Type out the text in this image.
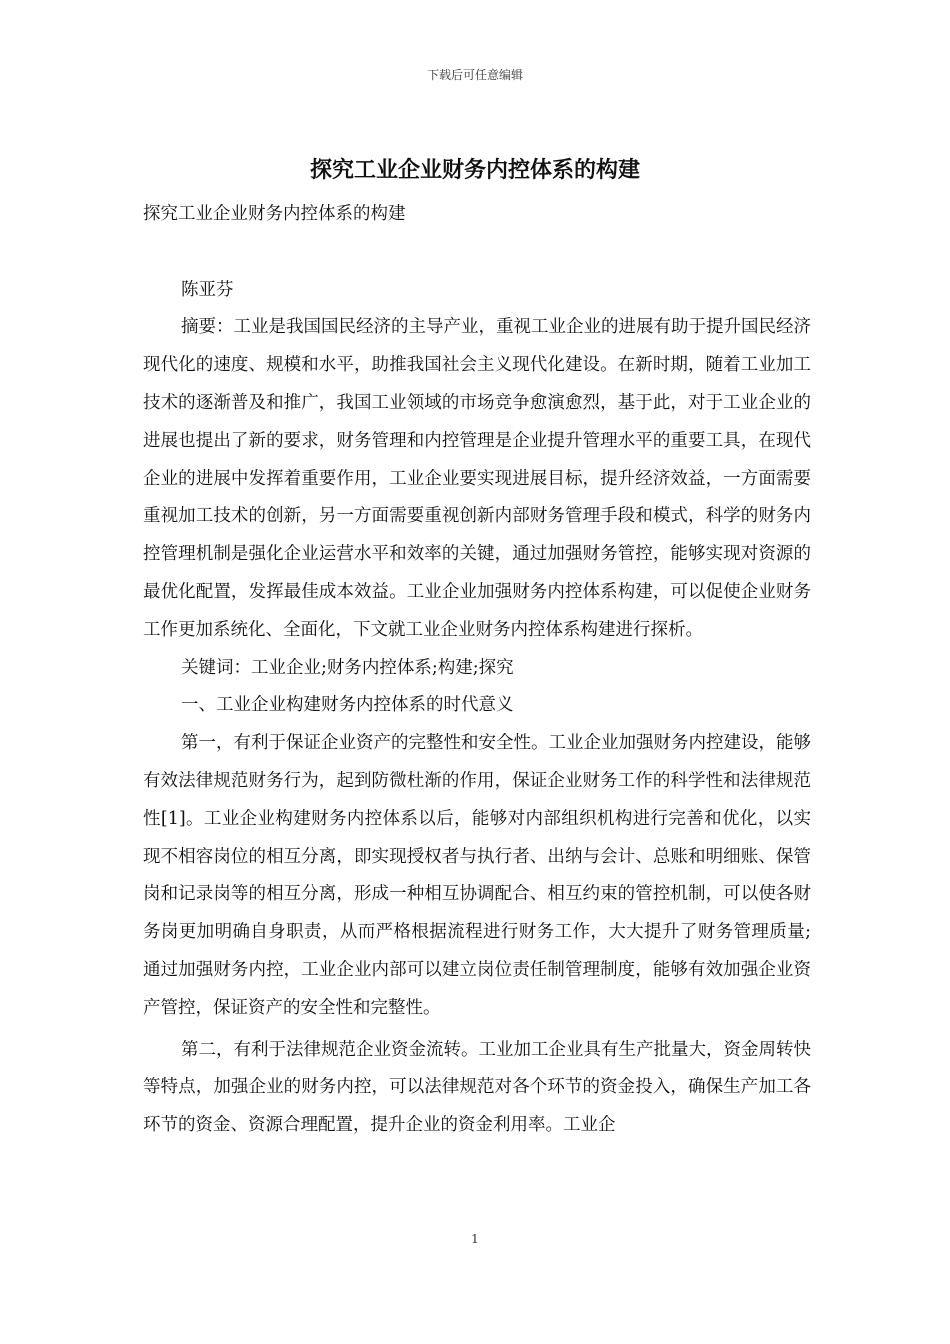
下载后可任意编辑
探究工业企业财务内控体系的构建

探究工业企业财务内控体系的构建

陈亚芬

摘要：工业是我国国民经济的主导产业，重视工业企业的进展有助于提升国民经济现代化的速度、规模和水平，助推我国社会主义现代化建设。在新时期，随着工业加工技术的逐渐普及和推广，我国工业领域的市场竞争愈演愈烈，基于此，对于工业企业的进展也提出了新的要求，财务管理和内控管理是企业提升管理水平的重要工具，在现代企业的进展中发挥着重要作用，工业企业要实现进展目标，提升经济效益，一方面需要重视加工技术的创新，另一方面需要重视创新内部财务管理手段和模式，科学的财务内控管理机制是强化企业运营水平和效率的关键，通过加强财务管控，能够实现对资源的最优化配置，发挥最佳成本效益。工业企业加强财务内控体系构建，可以促使企业财务工作更加系统化、全面化，下文就工业企业财务内控体系构建进行探析。

关键词：工业企业;财务内控体系;构建;探究

一、工业企业构建财务内控体系的时代意义

第一，有利于保证企业资产的完整性和安全性。工业企业加强财务内控建设，能够有效法律规范财务行为，起到防微杜渐的作用，保证企业财务工作的科学性和法律规范性[1]。工业企业构建财务内控体系以后，能够对内部组织机构进行完善和优化，以实现不相容岗位的相互分离，即实现授权者与执行者、出纳与会计、总账和明细账、保管岗和记录岗等的相互分离，形成一种相互协调配合、相互约束的管控机制，可以使各财务岗更加明确自身职责，从而严格根据流程进行财务工作，大大提升了财务管理质量;通过加强财务内控，工业企业内部可以建立岗位责任制管理制度，能够有效加强企业资产管控，保证资产的安全性和完整性。

第二，有利于法律规范企业资金流转。工业加工企业具有生产批量大，资金周转快等特点，加强企业的财务内控，可以法律规范对各个环节的资金投入，确保生产加工各环节的资金、资源合理配置，提升企业的资金利用率。工业企

1
